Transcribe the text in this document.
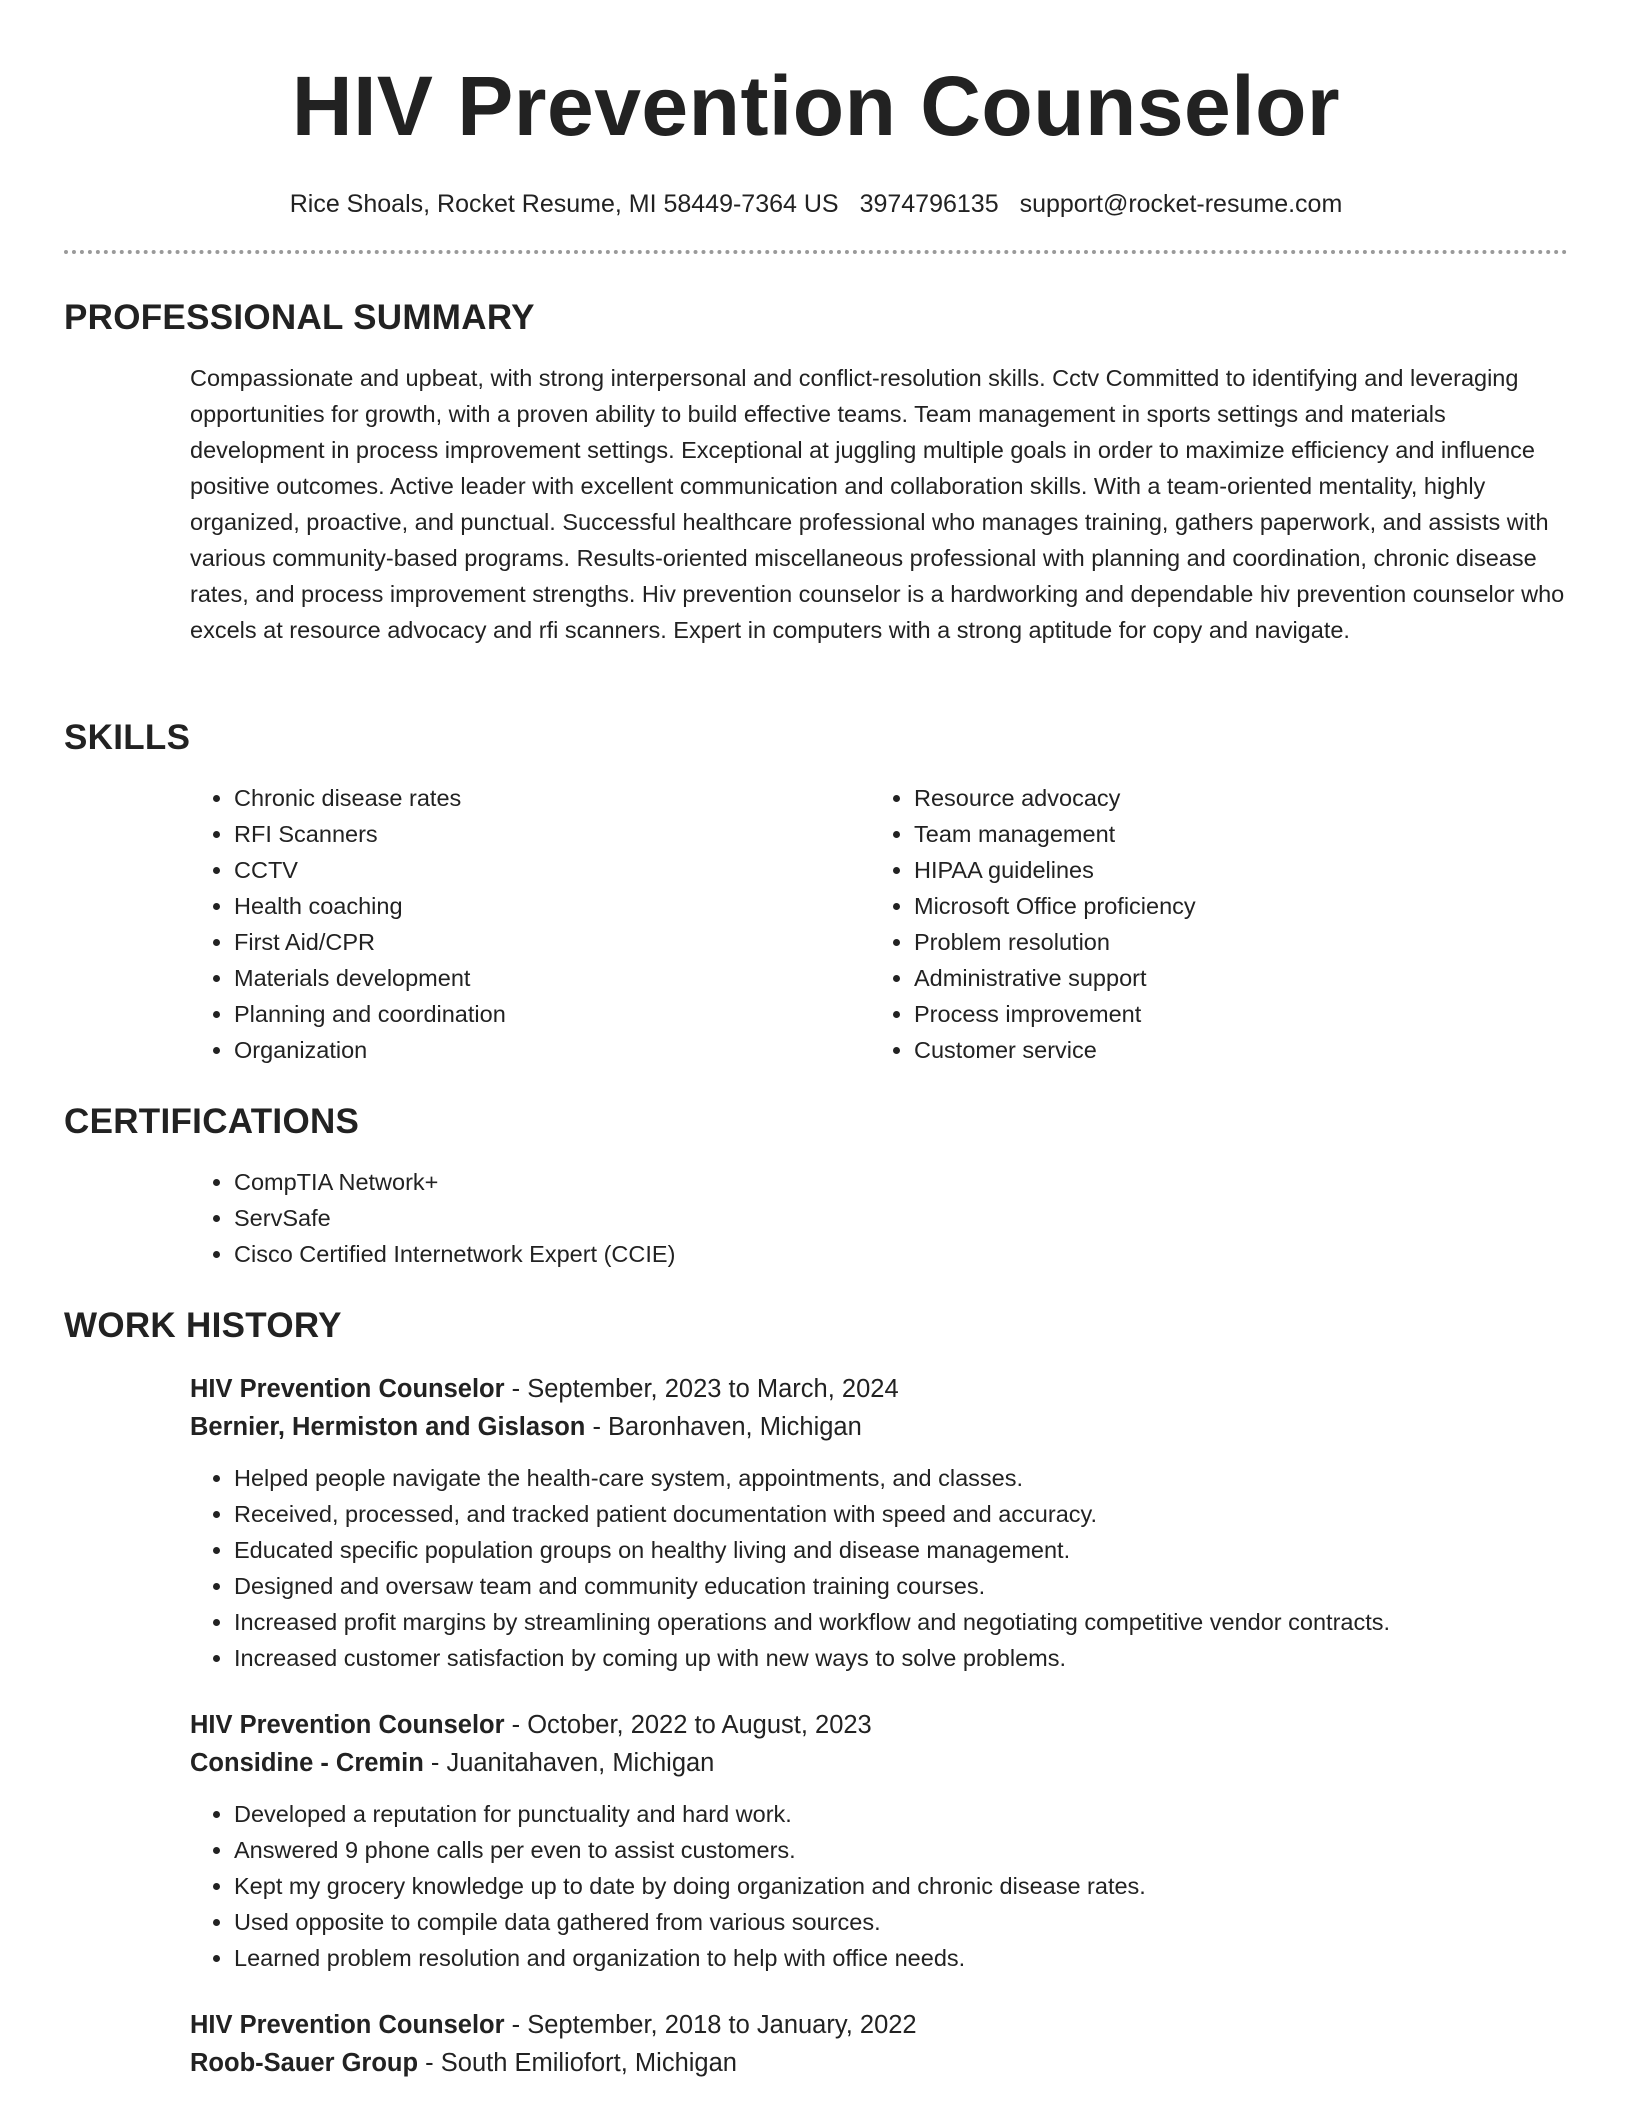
HIV Prevention Counselor
Rice Shoals, Rocket Resume, MI 58449-7364 US 3974796135 support@rocket-resume.com
PROFESSIONAL SUMMARY

Compassionate and upbeat, with strong interpersonal and conflict-resolution skills. Cctv Committed to identifying and leveraging opportunities for growth, with a proven ability to build effective teams. Team management in sports settings and materials development in process improvement settings. Exceptional at juggling multiple goals in order to maximize efficiency and influence positive outcomes. Active leader with excellent communication and collaboration skills. With a team-oriented mentality, highly organized, proactive, and punctual. Successful healthcare professional who manages training, gathers paperwork, and assists with various community-based programs. Results-oriented miscellaneous professional with planning and coordination, chronic disease rates, and process improvement strengths. Hiv prevention counselor is a hardworking and dependable hiv prevention counselor who excels at resource advocacy and rfi scanners. Expert in computers with a strong aptitude for copy and navigate.

SKILLS
• Chronic disease rates
• RFI Scanners
• CCTV
• Health coaching
• First Aid/CPR
• Materials development
• Planning and coordination
• Organization
• Resource advocacy
• Team management
• HIPAA guidelines
• Microsoft Office proficiency
• Problem resolution
• Administrative support
• Process improvement
• Customer service
CERTIFICATIONS
• CompTIA Network+
• ServSafe
• Cisco Certified Internetwork Expert (CCIE)
WORK HISTORY
HIV Prevention Counselor - September, 2023 to March, 2024
Bernier, Hermiston and Gislason - Baronhaven, Michigan
• Helped people navigate the health-care system, appointments, and classes.
• Received, processed, and tracked patient documentation with speed and accuracy.
• Educated specific population groups on healthy living and disease management.
• Designed and oversaw team and community education training courses.
• Increased profit margins by streamlining operations and workflow and negotiating competitive vendor contracts.
• Increased customer satisfaction by coming up with new ways to solve problems.
HIV Prevention Counselor - October, 2022 to August, 2023
Considine - Cremin - Juanitahaven, Michigan
• Developed a reputation for punctuality and hard work.
• Answered 9 phone calls per even to assist customers.
• Kept my grocery knowledge up to date by doing organization and chronic disease rates.
• Used opposite to compile data gathered from various sources.
• Learned problem resolution and organization to help with office needs.
HIV Prevention Counselor - September, 2018 to January, 2022
Roob-Sauer Group - South Emiliofort, Michigan
